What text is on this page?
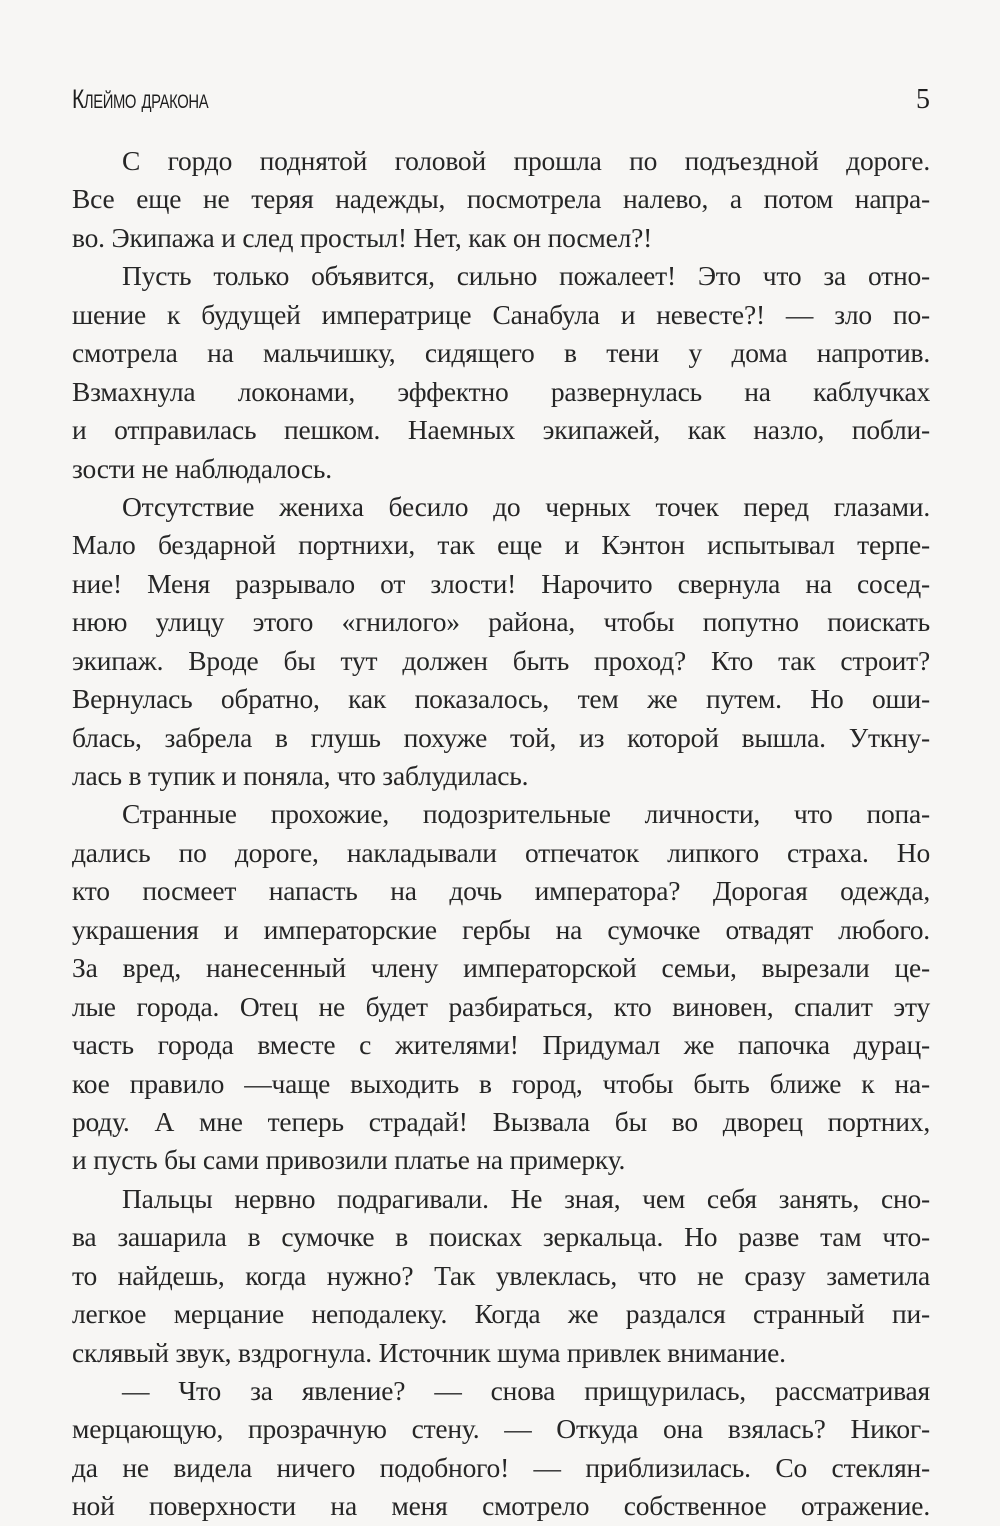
Клеймо дракона	5
С гордо поднятой головой прошла по подъездной дороге.
Все еще не теряя надежды, посмотрела налево, а потом напра-
во. Экипажа и след простыл! Нет, как он посмел?!
Пусть только объявится, сильно пожалеет! Это что за отно-
шение к будущей императрице Санабула и невесте?! — зло по-
смотрела на мальчишку, сидящего в тени у дома напротив.
Взмахнула локонами, эффектно развернулась на каблучках
и отправилась пешком. Наемных экипажей, как назло, побли-
зости не наблюдалось.
Отсутствие жениха бесило до черных точек перед глазами.
Мало бездарной портнихи, так еще и Кэнтон испытывал терпе-
ние! Меня разрывало от злости! Нарочито свернула на сосед-
нюю улицу этого «гнилого» района, чтобы попутно поискать
экипаж. Вроде бы тут должен быть проход? Кто так строит?
Вернулась обратно, как показалось, тем же путем. Но оши-
блась, забрела в глушь похуже той, из которой вышла. Уткну-
лась в тупик и поняла, что заблудилась.
Странные прохожие, подозрительные личности, что попа-
дались по дороге, накладывали отпечаток липкого страха. Но
кто посмеет напасть на дочь императора? Дорогая одежда,
украшения и императорские гербы на сумочке отвадят любого.
За вред, нанесенный члену императорской семьи, вырезали це-
лые города. Отец не будет разбираться, кто виновен, спалит эту
часть города вместе с жителями! Придумал же папочка дурац-
кое правило —чаще выходить в город, чтобы быть ближе к на-
роду. А мне теперь страдай! Вызвала бы во дворец портних,
и пусть бы сами привозили платье на примерку.
Пальцы нервно подрагивали. Не зная, чем себя занять, сно-
ва зашарила в сумочке в поисках зеркальца. Но разве там что-
то найдешь, когда нужно? Так увлеклась, что не сразу заметила
легкое мерцание неподалеку. Когда же раздался странный пи-
склявый звук, вздрогнула. Источник шума привлек внимание.
— Что за явление? — снова прищурилась, рассматривая
мерцающую, прозрачную стену. — Откуда она взялась? Никог-
да не видела ничего подобного! — приблизилась. Со стеклян-
ной поверхности на меня смотрело собственное отражение.
